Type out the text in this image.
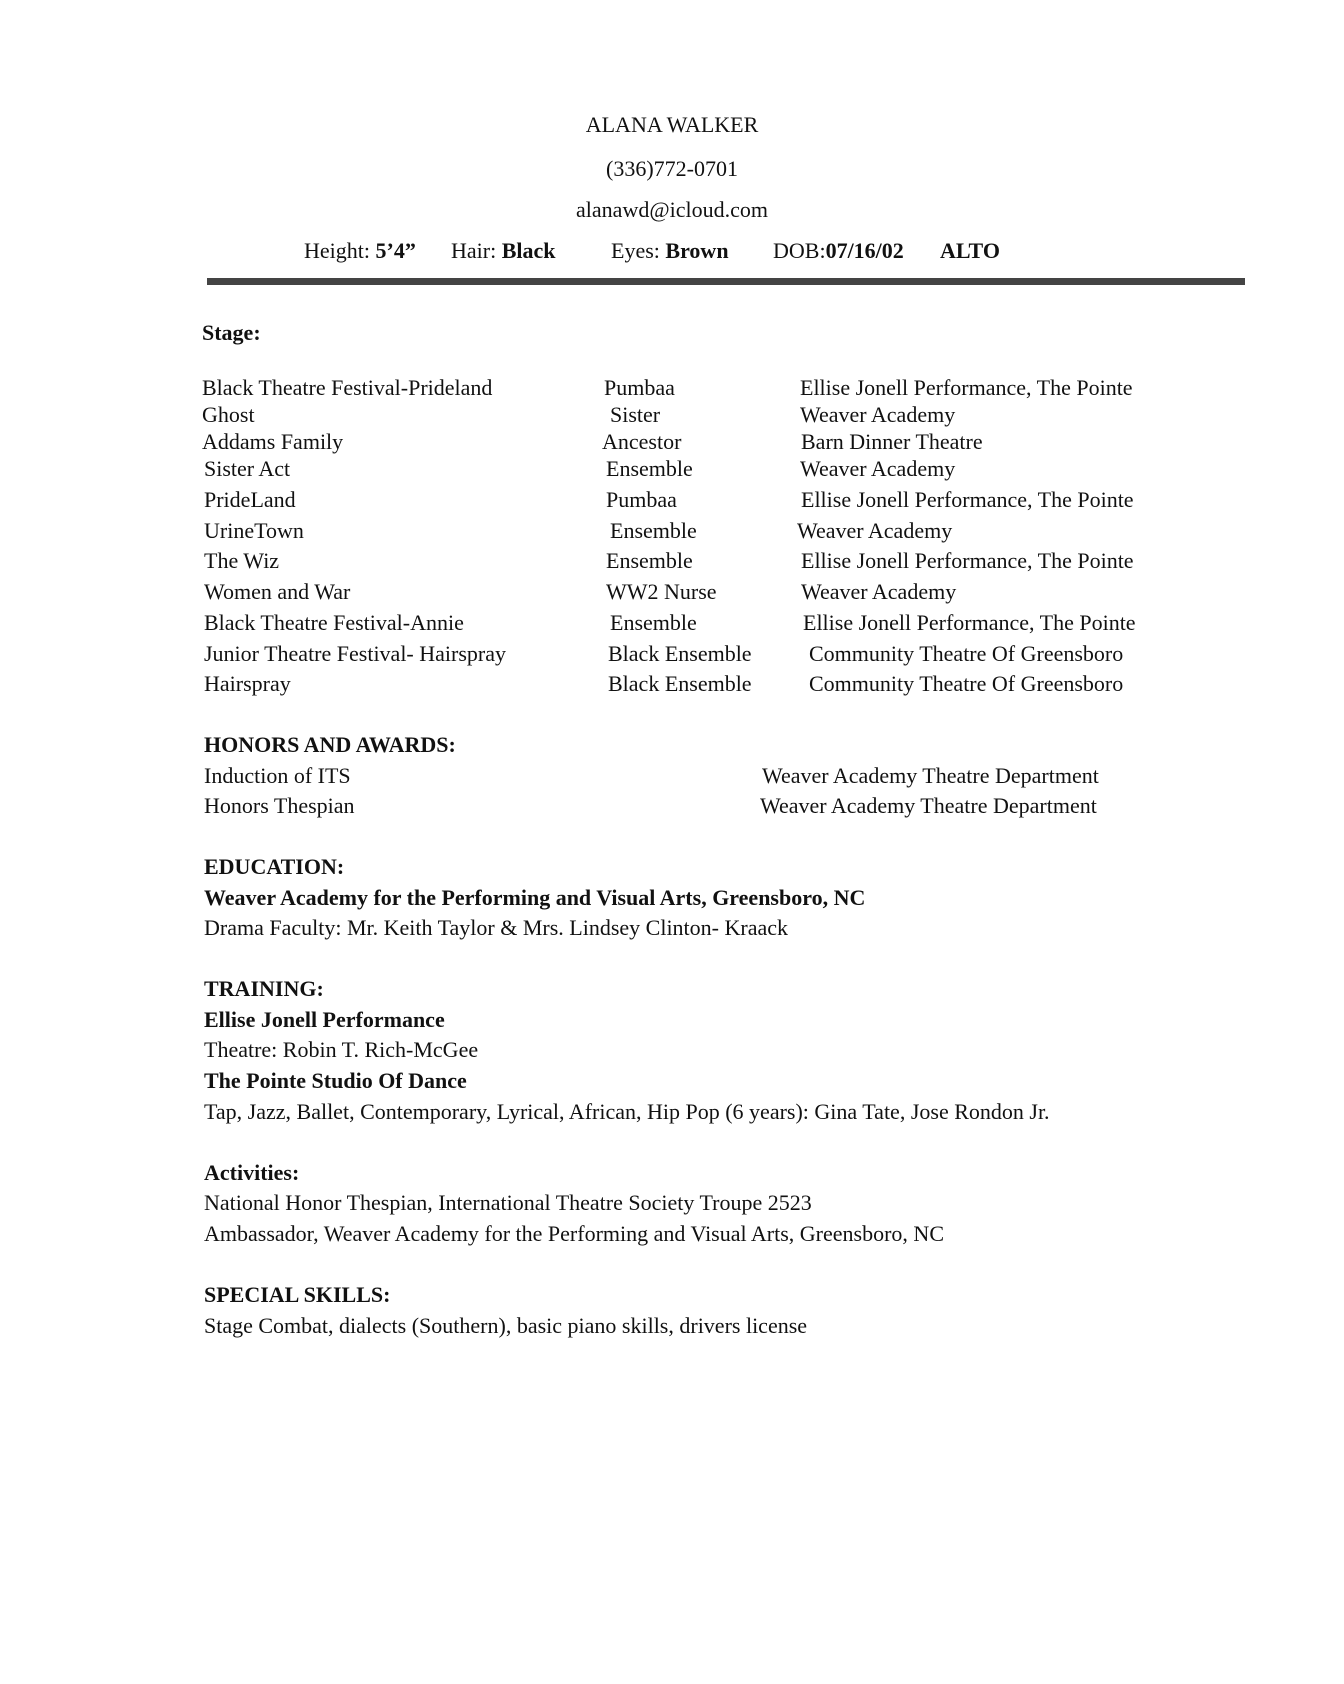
ALANA WALKER
(336)772-0701
alanawd@icloud.com
Height: 5’4” Hair: Black	Eyes: Brown DOB:07/16/02 ALTO
Stage:
Black Theatre Festival-Prideland	Pumbaa	Ellise Jonell Performance, The Pointe
Ghost	Sister	Weaver Academy
Addams Family	Ancestor	Barn Dinner Theatre
Sister Act	Ensemble	Weaver Academy
PrideLand	Pumbaa	Ellise Jonell Performance, The Pointe
UrineTown	Ensemble	Weaver Academy
The Wiz	Ensemble	Ellise Jonell Performance, The Pointe
Women and War	WW2 Nurse	Weaver Academy
Black Theatre Festival-Annie	Ensemble	Ellise Jonell Performance, The Pointe
Junior Theatre Festival- Hairspray	Black Ensemble	Community Theatre Of Greensboro
Hairspray	Black Ensemble	Community Theatre Of Greensboro
HONORS AND AWARDS:
Induction of ITS	Weaver Academy Theatre Department
Honors Thespian	Weaver Academy Theatre Department
EDUCATION:
Weaver Academy for the Performing and Visual Arts, Greensboro, NC
Drama Faculty: Mr. Keith Taylor & Mrs. Lindsey Clinton- Kraack
TRAINING:
Ellise Jonell Performance
Theatre: Robin T. Rich-McGee
The Pointe Studio Of Dance
Tap, Jazz, Ballet, Contemporary, Lyrical, African, Hip Pop (6 years): Gina Tate, Jose Rondon Jr.
Activities:
National Honor Thespian, International Theatre Society Troupe 2523
Ambassador, Weaver Academy for the Performing and Visual Arts, Greensboro, NC
SPECIAL SKILLS:
Stage Combat, dialects (Southern), basic piano skills, drivers license
